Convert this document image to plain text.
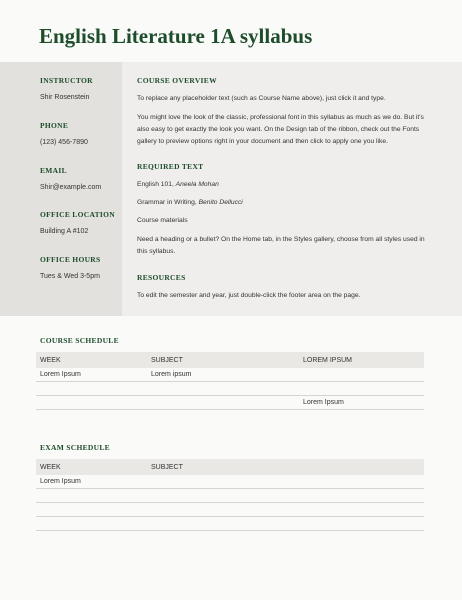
English Literature 1A syllabus
INSTRUCTOR
Shir Rosenstein
PHONE
(123) 456-7890
EMAIL
Shir@example.com
OFFICE LOCATION
Building A #102
OFFICE HOURS
Tues & Wed 3-5pm
COURSE OVERVIEW
To replace any placeholder text (such as Course Name above), just click it and type.
You might love the look of the classic, professional font in this syllabus as much as we do. But it's also easy to get exactly the look you want. On the Design tab of the ribbon, check out the Fonts gallery to preview options right in your document and then click to apply one you like.
REQUIRED TEXT
English 101, Aneela Mohan
Grammar in Writing, Benito Dellucci
Course materials
Need a heading or a bullet? On the Home tab, in the Styles gallery, choose from all styles used in this syllabus.
RESOURCES
To edit the semester and year, just double-click the footer area on the page.
COURSE SCHEDULE
WEEK	SUBJECT	LOREM IPSUM
Lorem Ipsum	Lorem ipsum	

		Lorem Ipsum
EXAM SCHEDULE
WEEK	SUBJECT	
Lorem Ipsum		
